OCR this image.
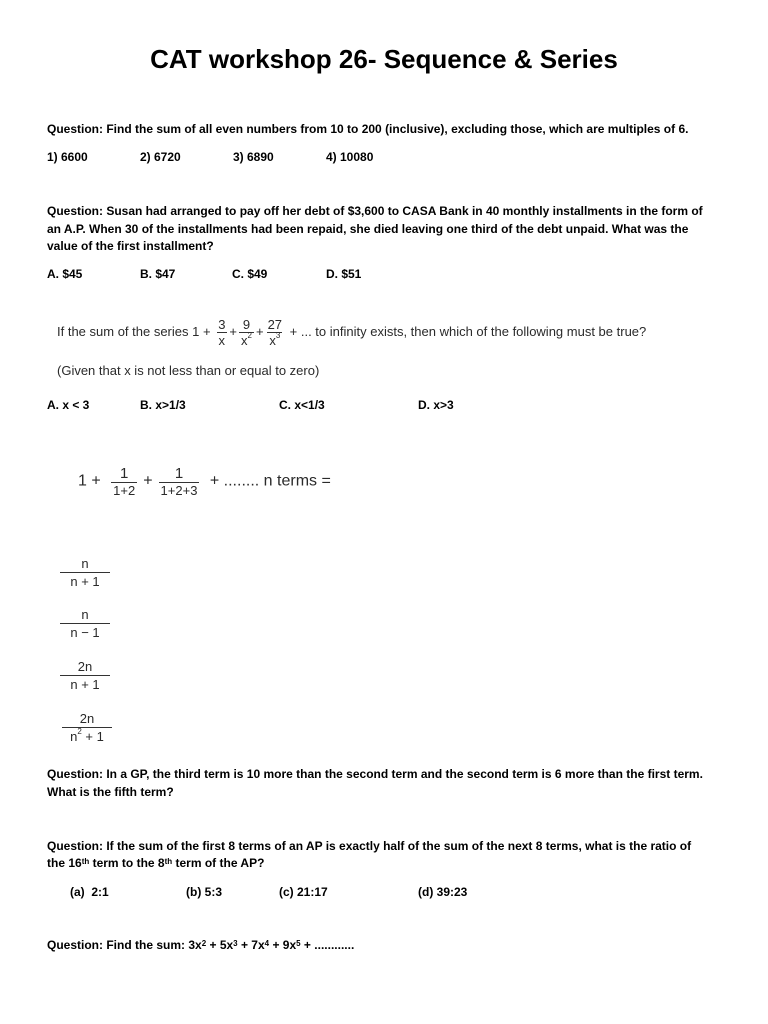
CAT workshop 26- Sequence & Series
Question: Find the sum of all even numbers from 10 to 200 (inclusive), excluding those, which are multiples of 6.
1) 6600	2) 6720	3) 6890	4) 10080
Question: Susan had arranged to pay off her debt of $3,600 to CASA Bank in 40 monthly installments in the form of an A.P. When 30 of the installments had been repaid, she died leaving one third of the debt unpaid. What was the value of the first installment?
A. $45	B. $47	C. $49	D. $51
If the sum of the series $1 + \frac{3}{x} + \frac{9}{x^2} + \frac{27}{x^3}$ + ... to infinity exists, then which of the following must be true?
(Given that x is not less than or equal to zero)
A. x < 3	B. x>1/3	C. x<1/3	D. x>3
$1 + \frac{1}{1+2} + \frac{1}{1+2+3}$ + ........ n terms =
$\frac{n}{n + 1}$
$\frac{n}{n - 1}$
$\frac{2n}{n + 1}$
$\frac{2n}{n^2 + 1}$
Question: In a GP, the third term is 10 more than the second term and the second term is 6 more than the first term. What is the fifth term?
Question: If the sum of the first 8 terms of an AP is exactly half of the sum of the next 8 terms, what is the ratio of
the 16th term to the 8th term of the AP?
(a)  2:1	(b) 5:3	(c) 21:17	(d) 39:23
Question: Find the sum: $3x^2 + 5x^3 + 7x^4 + 9x^5$ + ............
